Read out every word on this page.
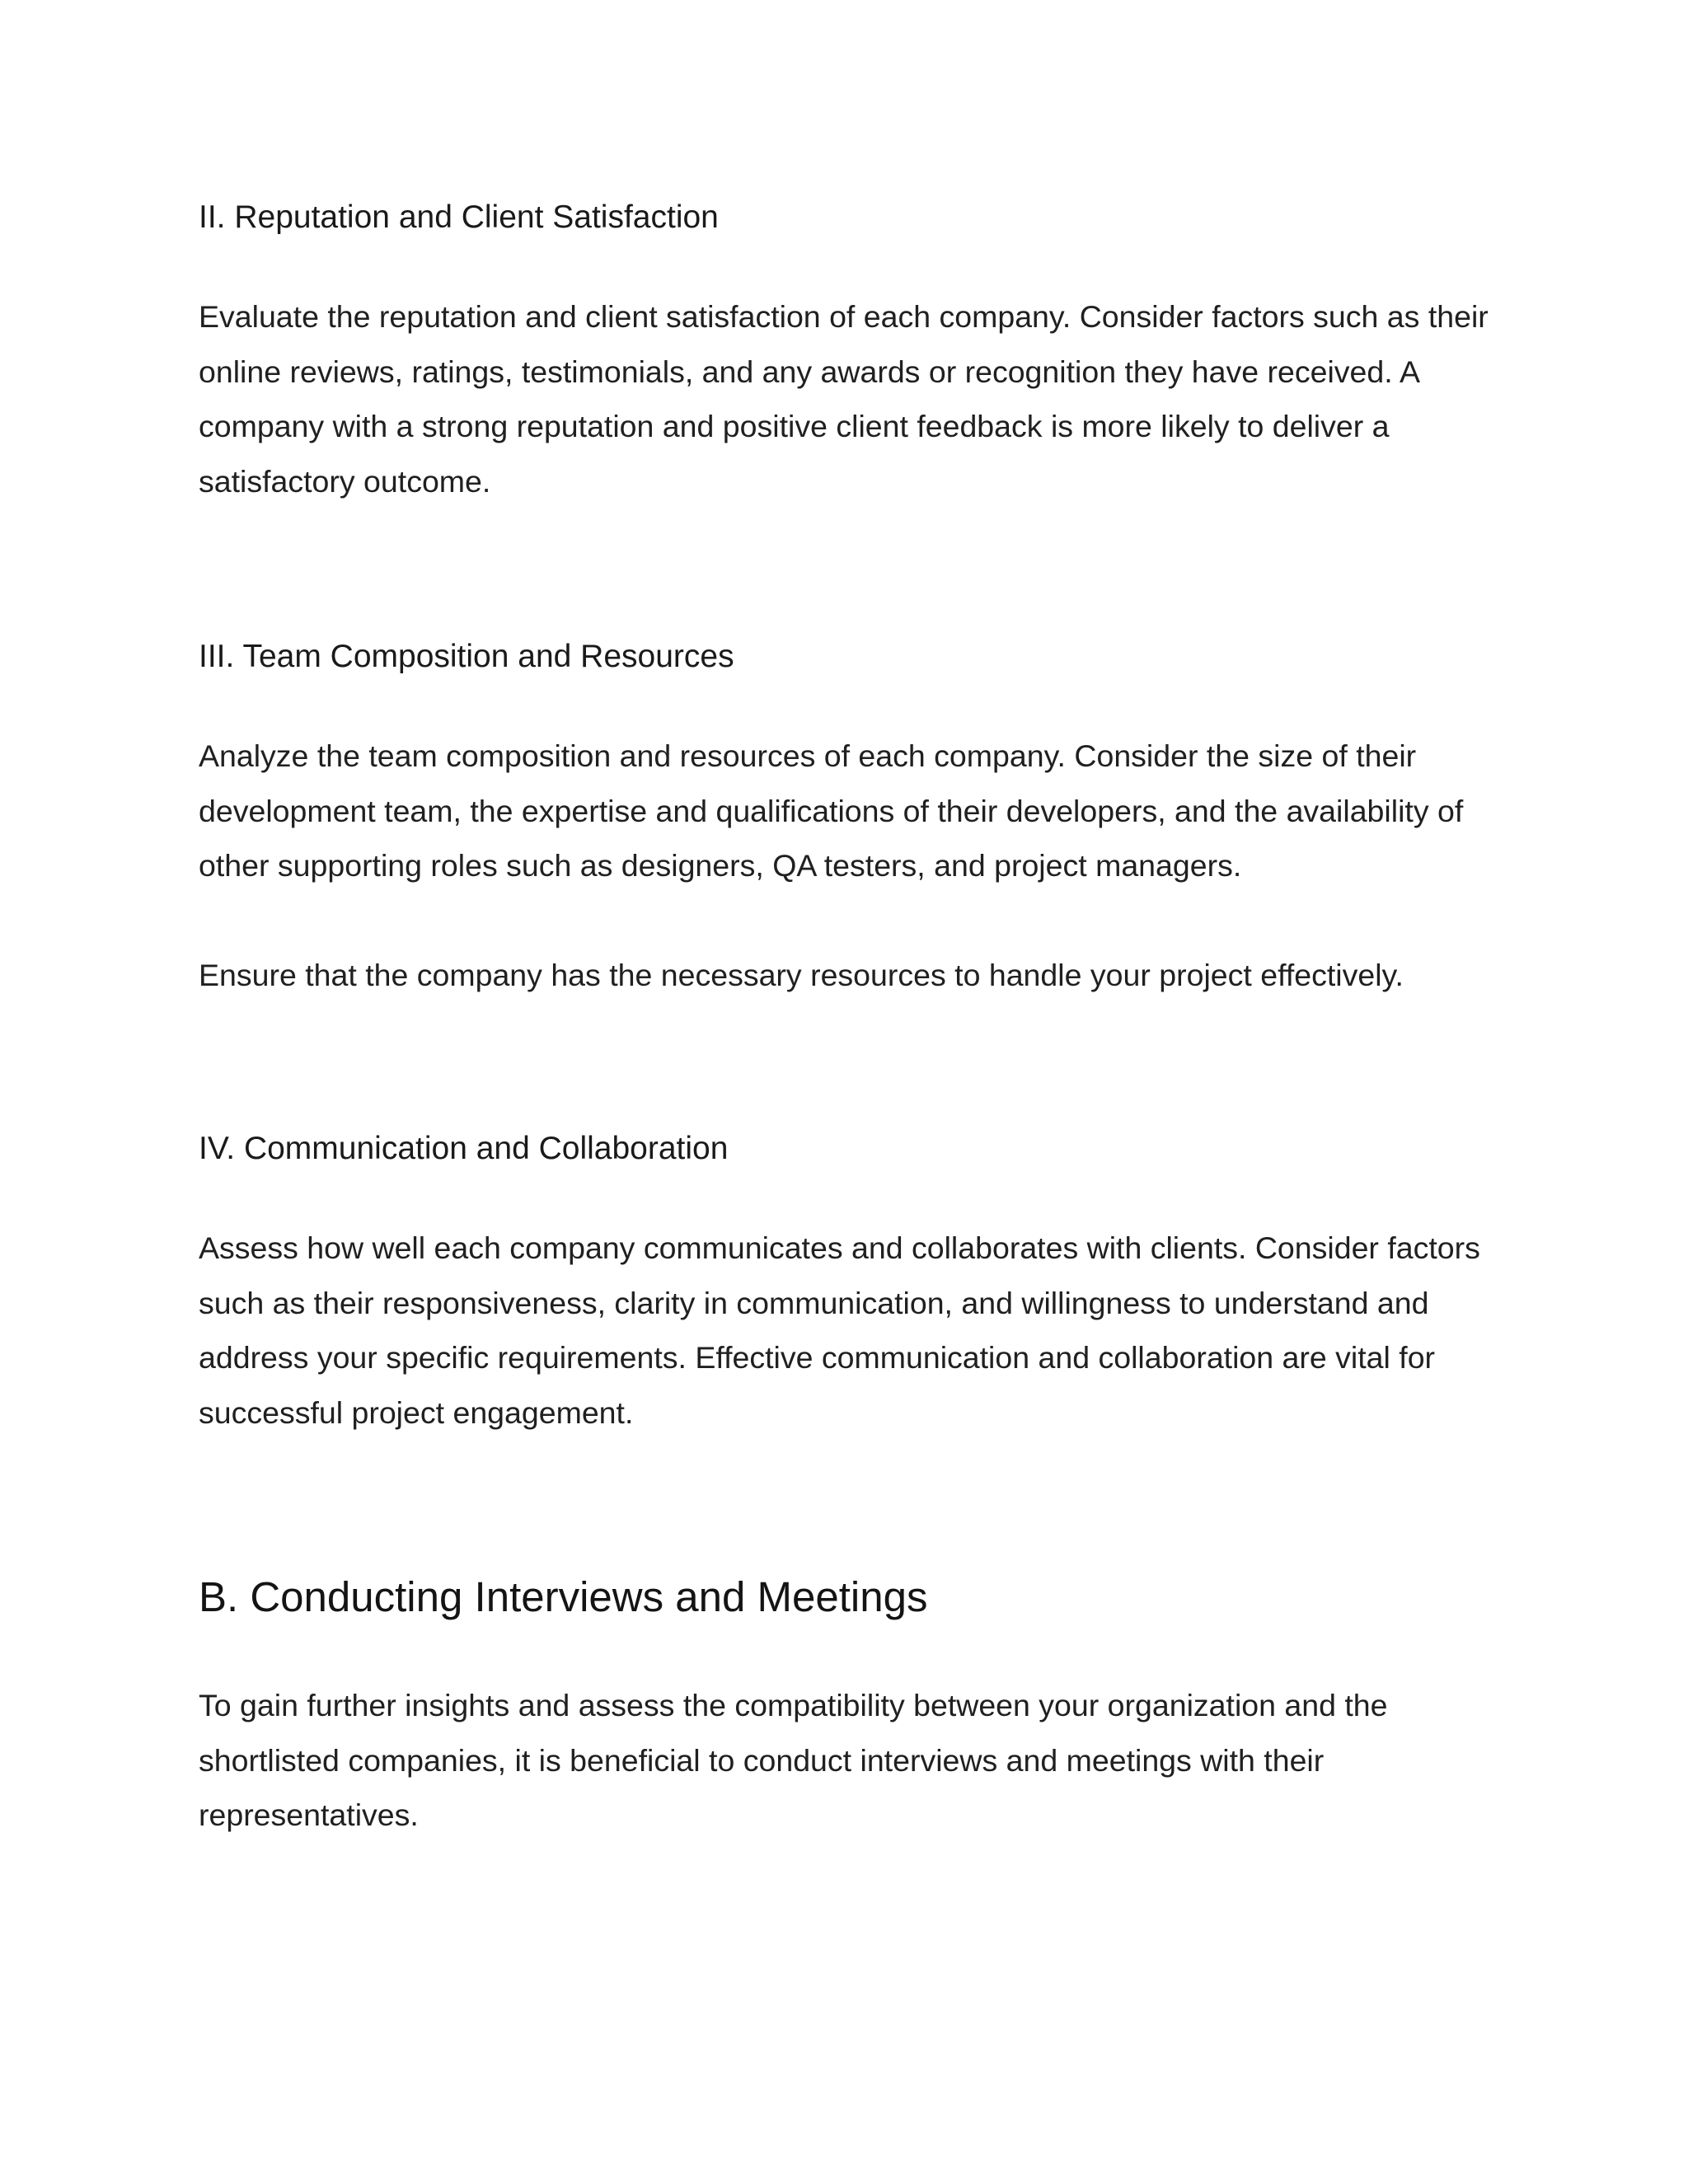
II. Reputation and Client Satisfaction

Evaluate the reputation and client satisfaction of each company. Consider factors such as their online reviews, ratings, testimonials, and any awards or recognition they have received. A company with a strong reputation and positive client feedback is more likely to deliver a satisfactory outcome.

III. Team Composition and Resources

Analyze the team composition and resources of each company. Consider the size of their development team, the expertise and qualifications of their developers, and the availability of other supporting roles such as designers, QA testers, and project managers.

Ensure that the company has the necessary resources to handle your project effectively.

IV. Communication and Collaboration

Assess how well each company communicates and collaborates with clients. Consider factors such as their responsiveness, clarity in communication, and willingness to understand and address your specific requirements. Effective communication and collaboration are vital for successful project engagement.

B. Conducting Interviews and Meetings

To gain further insights and assess the compatibility between your organization and the shortlisted companies, it is beneficial to conduct interviews and meetings with their representatives.
